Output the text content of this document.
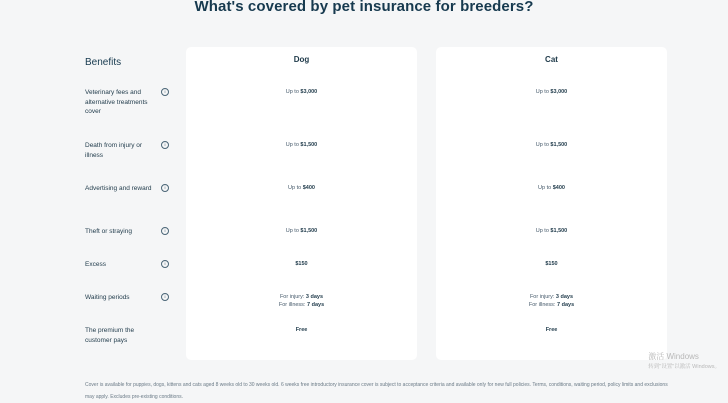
What's covered by pet insurance for breeders?
Benefits
Veterinary fees and alternative treatments cover
Death from injury or illness
Advertising and reward
Theft or straying
Excess
Waiting periods
The premium the customer pays
i
i
i
i
i
i
Dog
Up to $3,000
Up to $1,500
Up to $400
Up to $1,500
$150
For injury: 3 days
For illness: 7 days
Free
Cat
Up to $3,000
Up to $1,500
Up to $400
Up to $1,500
$150
For injury: 3 days
For illness: 7 days
Free
Cover is available for puppies, dogs, kittens and cats aged 8 weeks old to 30 weeks old. 6 weeks free introductory insurance cover is subject to acceptance criteria and available only for new full policies. Terms, conditions, waiting period, policy limits and exclusions may apply. Excludes pre-existing conditions.
激活 Windows
转到"设置"以激活 Windows。
